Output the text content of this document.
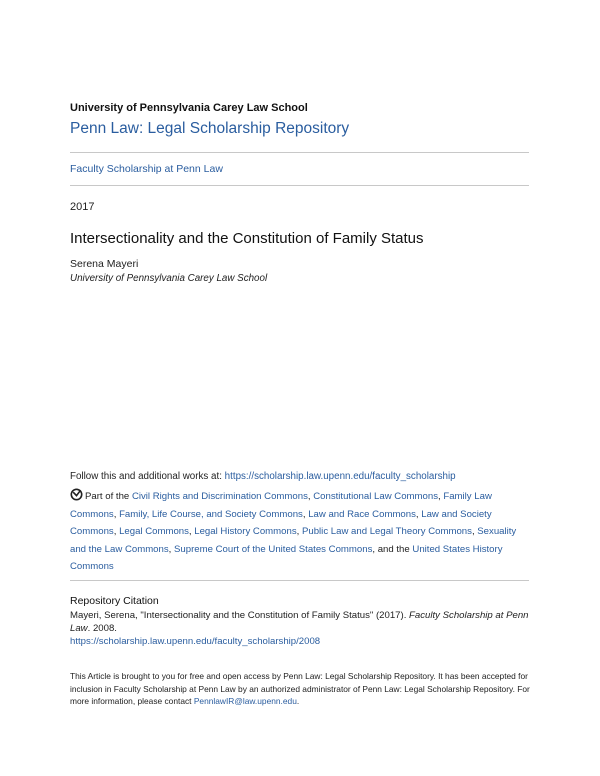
University of Pennsylvania Carey Law School
Penn Law: Legal Scholarship Repository
Faculty Scholarship at Penn Law
2017
Intersectionality and the Constitution of Family Status
Serena Mayeri
University of Pennsylvania Carey Law School
Follow this and additional works at: https://scholarship.law.upenn.edu/faculty_scholarship

Part of the Civil Rights and Discrimination Commons, Constitutional Law Commons, Family Law Commons, Family, Life Course, and Society Commons, Law and Race Commons, Law and Society Commons, Legal Commons, Legal History Commons, Public Law and Legal Theory Commons, Sexuality and the Law Commons, Supreme Court of the United States Commons, and the United States History Commons

Repository Citation

Mayeri, Serena, "Intersectionality and the Constitution of Family Status" (2017). Faculty Scholarship at Penn Law. 2008.

https://scholarship.law.upenn.edu/faculty_scholarship/2008

This Article is brought to you for free and open access by Penn Law: Legal Scholarship Repository. It has been accepted for inclusion in Faculty Scholarship at Penn Law by an authorized administrator of Penn Law: Legal Scholarship Repository. For more information, please contact PennlawIR@law.upenn.edu.
